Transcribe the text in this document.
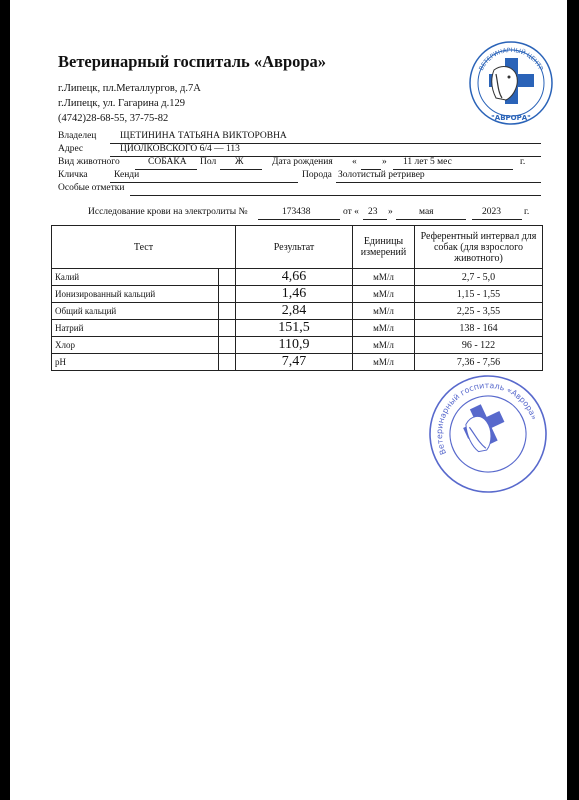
Ветеринарный госпиталь «Аврора»
г.Липецк, пл.Металлургов, д.7А
г.Липецк, ул. Гагарина д.129
(4742)28-68-55, 37-75-82
ВЕТЕРИНАРНЫЙ ЦЕНТР
"АВРОРА"
Владелец ЩЕТИНИНА ТАТЬЯНА ВИКТОРОВНА
Адрес	ЦИОЛКОВСКОГО 6/4 — 113
Вид животного	СОБАКА Пол Ж	Дата рождения «	» 11 лет 5 мес	г.
Кличка	Кенди	Порода Золотистый ретривер
Особые отметки
Исследование крови на электролиты №	173438	от « 23 »	мая	2023 г.
Тест		Результат	Единицы измерений	Референтный интервал для собак (для взрослого животного)
Калий		4,66	мМ/л	2,7 - 5,0
Ионизированный кальций		1,46	мМ/л	1,15 - 1,55
Общий кальций		2,84	мМ/л	2,25 - 3,55
Натрий		151,5	мМ/л	138 - 164
Хлор		110,9	мМ/л	96 - 122
pH		7,47	мМ/л	7,36 - 7,56
Ветеринарный госпиталь «Аврора»
